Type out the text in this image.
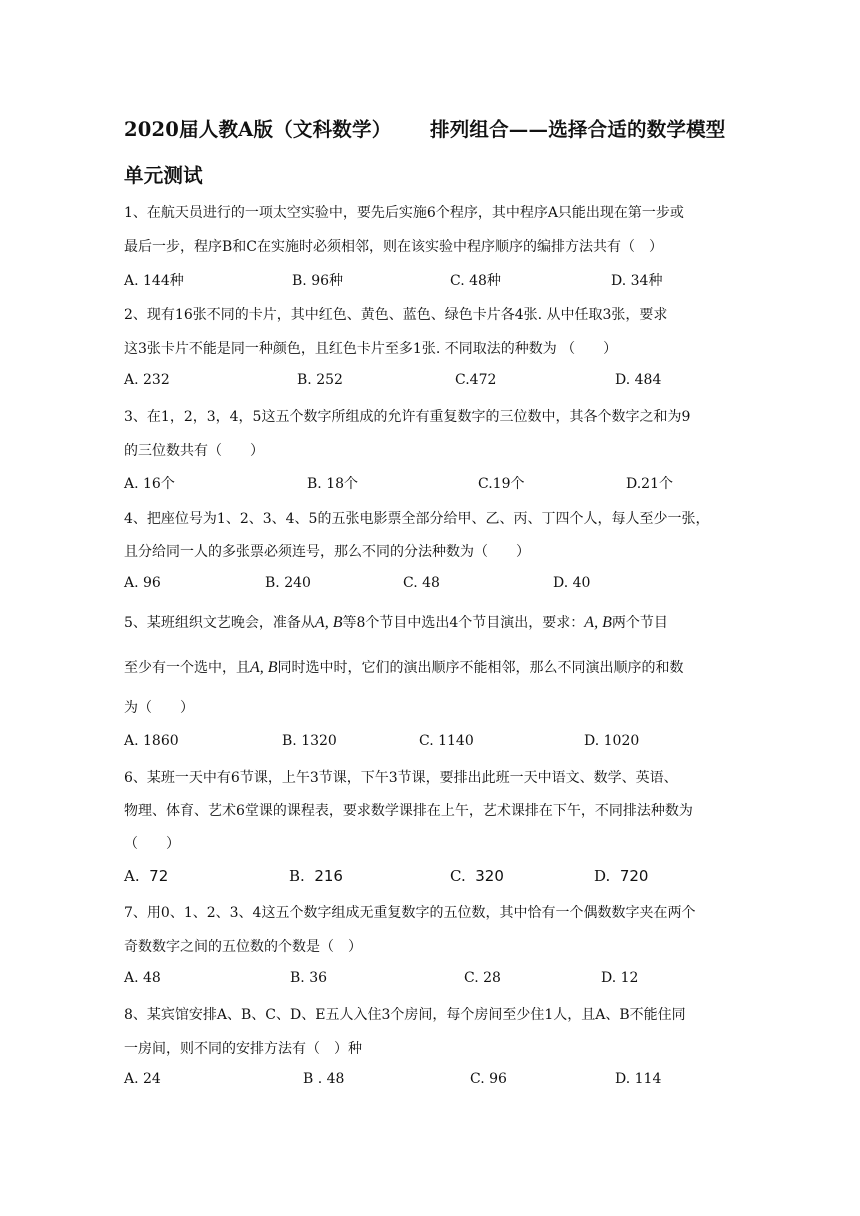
2020届人教A版（文科数学） 排列组合——选择合适的数学模型
单元测试
1、在航天员进行的一项太空实验中，要先后实施6个程序，其中程序A只能出现在第一步或
最后一步，程序B和C在实施时必须相邻，则在该实验中程序顺序的编排方法共有（　）
A. 144种	B. 96种	C. 48种	D. 34种
2、现有16张不同的卡片，其中红色、黄色、蓝色、绿色卡片各4张. 从中任取3张，要求
这3张卡片不能是同一种颜色，且红色卡片至多1张. 不同取法的种数为 （　　）
A. 232	B. 252	C.472	D. 484
3、在1，2，3，4，5这五个数字所组成的允许有重复数字的三位数中，其各个数字之和为9
的三位数共有（　　）
A. 16个	B. 18个	C.19个	D.21个
4、把座位号为1、2、3、4、5的五张电影票全部分给甲、乙、丙、丁四个人，每人至少一张，
且分给同一人的多张票必须连号，那么不同的分法种数为（　　）
A. 96	B. 240	C. 48	D. 40
5、某班组织文艺晚会，准备从A, B等8个节目中选出4个节目演出，要求：A, B两个节目
至少有一个选中，且A, B同时选中时，它们的演出顺序不能相邻，那么不同演出顺序的和数
为（　　）
A. 1860	B. 1320	C. 1140	D. 1020
6、某班一天中有6节课，上午3节课，下午3节课，要排出此班一天中语文、数学、英语、
物理、体育、艺术6堂课的课程表，要求数学课排在上午，艺术课排在下午，不同排法种数为
（　　）
A. 72	B. 216	C. 320	D. 720
7、用0、1、2、3、4这五个数字组成无重复数字的五位数，其中恰有一个偶数数字夹在两个
奇数数字之间的五位数的个数是（　）
A. 48	B. 36	C. 28	D. 12
8、某宾馆安排A、B、C、D、E五人入住3个房间，每个房间至少住1人，且A、B不能住同
一房间，则不同的安排方法有（　）种
A. 24	B . 48	C. 96	D. 114
